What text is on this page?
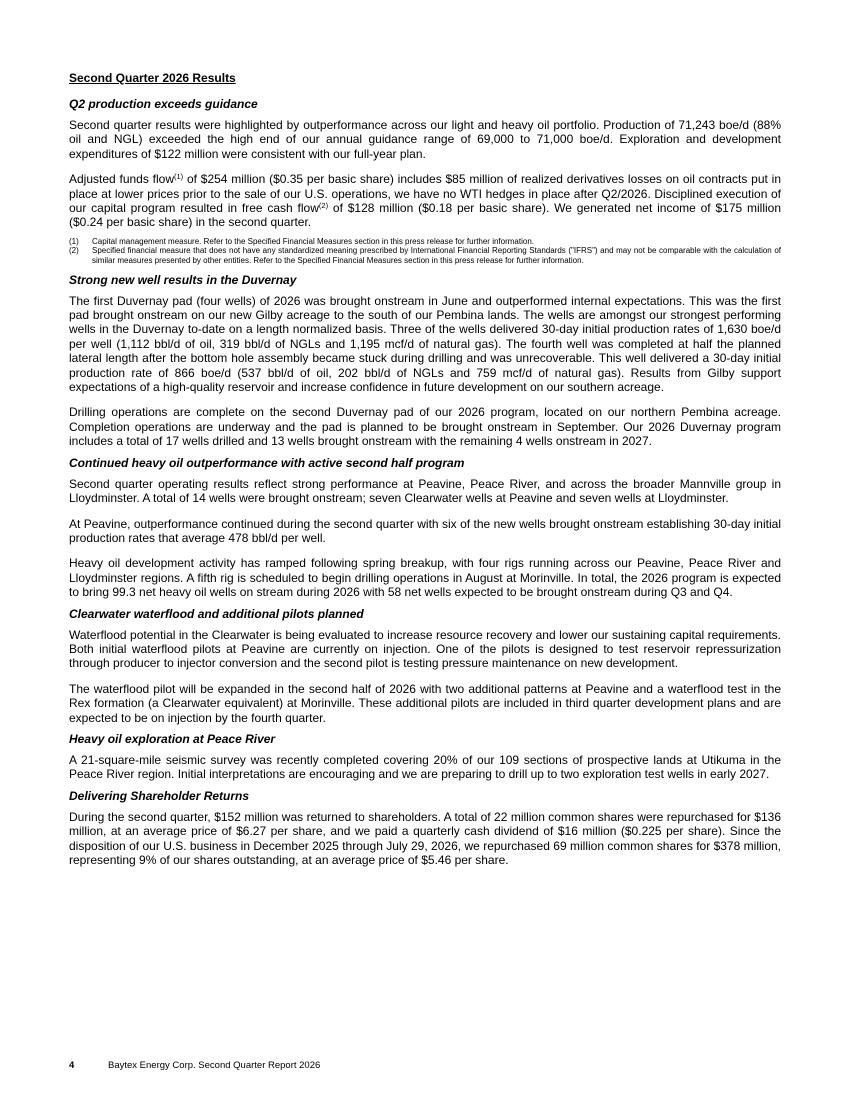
Second Quarter 2026 Results
Q2 production exceeds guidance
Second quarter results were highlighted by outperformance across our light and heavy oil portfolio. Production of 71,243 boe/d (88% oil and NGL) exceeded the high end of our annual guidance range of 69,000 to 71,000 boe/d. Exploration and development expenditures of $122 million were consistent with our full-year plan.
Adjusted funds flow$^{(1)}$ of $254 million ($0.35 per basic share) includes $85 million of realized derivatives losses on oil contracts put in place at lower prices prior to the sale of our U.S. operations, we have no WTI hedges in place after Q2/2026. Disciplined execution of our capital program resulted in free cash flow$^{(2)}$ of $128 million ($0.18 per basic share). We generated net income of $175 million ($0.24 per basic share) in the second quarter.
(1)	Capital management measure. Refer to the Specified Financial Measures section in this press release for further information.
(2)	Specified financial measure that does not have any standardized meaning prescribed by International Financial Reporting Standards ("IFRS") and may not be comparable with the calculation of similar measures presented by other entities. Refer to the Specified Financial Measures section in this press release for further information.
Strong new well results in the Duvernay
The first Duvernay pad (four wells) of 2026 was brought onstream in June and outperformed internal expectations. This was the first pad brought onstream on our new Gilby acreage to the south of our Pembina lands. The wells are amongst our strongest performing wells in the Duvernay to-date on a length normalized basis. Three of the wells delivered 30-day initial production rates of 1,630 boe/d per well (1,112 bbl/d of oil, 319 bbl/d of NGLs and 1,195 mcf/d of natural gas). The fourth well was completed at half the planned lateral length after the bottom hole assembly became stuck during drilling and was unrecoverable. This well delivered a 30-day initial production rate of 866 boe/d (537 bbl/d of oil, 202 bbl/d of NGLs and 759 mcf/d of natural gas). Results from Gilby support expectations of a high-quality reservoir and increase confidence in future development on our southern acreage.
Drilling operations are complete on the second Duvernay pad of our 2026 program, located on our northern Pembina acreage. Completion operations are underway and the pad is planned to be brought onstream in September. Our 2026 Duvernay program includes a total of 17 wells drilled and 13 wells brought onstream with the remaining 4 wells onstream in 2027.
Continued heavy oil outperformance with active second half program
Second quarter operating results reflect strong performance at Peavine, Peace River, and across the broader Mannville group in Lloydminster. A total of 14 wells were brought onstream; seven Clearwater wells at Peavine and seven wells at Lloydminster.
At Peavine, outperformance continued during the second quarter with six of the new wells brought onstream establishing 30-day initial production rates that average 478 bbl/d per well.
Heavy oil development activity has ramped following spring breakup, with four rigs running across our Peavine, Peace River and Lloydminster regions. A fifth rig is scheduled to begin drilling operations in August at Morinville. In total, the 2026 program is expected to bring 99.3 net heavy oil wells on stream during 2026 with 58 net wells expected to be brought onstream during Q3 and Q4.
Clearwater waterflood and additional pilots planned
Waterflood potential in the Clearwater is being evaluated to increase resource recovery and lower our sustaining capital requirements. Both initial waterflood pilots at Peavine are currently on injection. One of the pilots is designed to test reservoir repressurization through producer to injector conversion and the second pilot is testing pressure maintenance on new development.
The waterflood pilot will be expanded in the second half of 2026 with two additional patterns at Peavine and a waterflood test in the Rex formation (a Clearwater equivalent) at Morinville. These additional pilots are included in third quarter development plans and are expected to be on injection by the fourth quarter.
Heavy oil exploration at Peace River
A 21-square-mile seismic survey was recently completed covering 20% of our 109 sections of prospective lands at Utikuma in the Peace River region. Initial interpretations are encouraging and we are preparing to drill up to two exploration test wells in early 2027.
Delivering Shareholder Returns
During the second quarter, $152 million was returned to shareholders. A total of 22 million common shares were repurchased for $136 million, at an average price of $6.27 per share, and we paid a quarterly cash dividend of $16 million ($0.225 per share). Since the disposition of our U.S. business in December 2025 through July 29, 2026, we repurchased 69 million common shares for $378 million, representing 9% of our shares outstanding, at an average price of $5.46 per share.
4	Baytex Energy Corp. Second Quarter Report 2026
